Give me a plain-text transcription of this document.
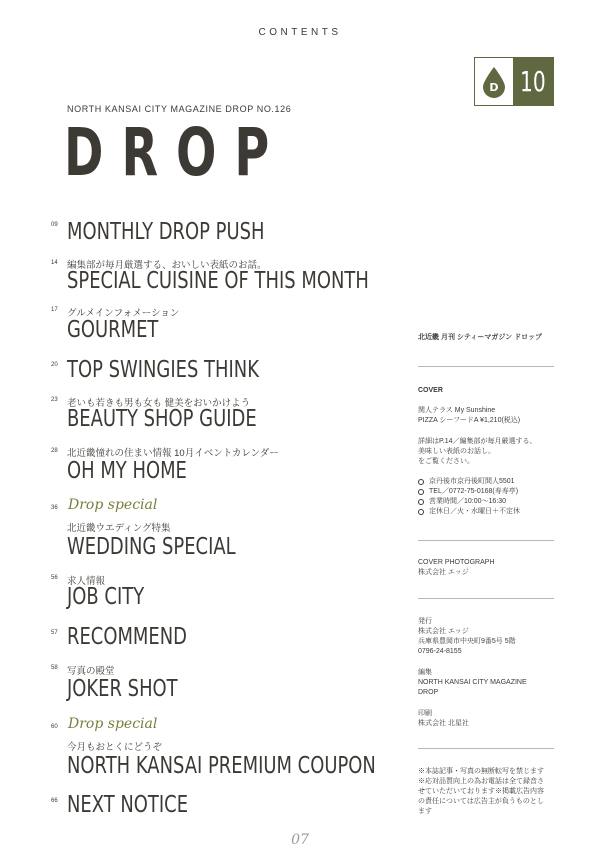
CONTENTS
D 10
NORTH KANSAI CITY MAGAZINE DROP NO.126
DROP
09 MONTHLY DROP PUSH
14 編集部が毎月厳選する、おいしい表紙のお話。
SPECIAL CUISINE OF THIS MONTH
17 グルメインフォメーション
GOURMET
20 TOP SWINGIES THINK
23 老いも若きも男も女も 健美をおいかけよう
BEAUTY SHOP GUIDE
28 北近畿憧れの住まい情報 10月イベントカレンダー
OH MY HOME
36 Drop special
北近畿ウエディング特集
WEDDING SPECIAL
56 求人情報
JOB CITY
57 RECOMMEND
58 写真の殿堂
JOKER SHOT
60 Drop special
今月もおとくにどうぞ
NORTH KANSAI PREMIUM COUPON
66 NEXT NOTICE
北近畿 月刊 シティーマガジン ドロップ
COVER
関人テラス My Sunshine
PIZZA シーフードA ¥1,210(税込)
詳細はP.14／編集部が毎月厳選する、
美味しい表紙のお話し。
をご覧ください。
京丹後市京丹後町間人5501
TEL／0772-75-0168(寿寿亭)
営業時間／10:00〜16:30
定休日／火・水曜日＋不定休
COVER PHOTOGRAPH
株式会社 エッジ
発行
株式会社 エッジ
兵庫県豊岡市中央町9番5号 5階
0796-24-8155
編集
NORTH KANSAI CITY MAGAZINE
DROP
印刷
株式会社 北星社
※本誌記事・写真の無断転写を禁じます
※応対品質向上の為お電話は全て録音さ
せていただいております※掲載広告内容
の責任については広告主が負うものとし
ます
07
